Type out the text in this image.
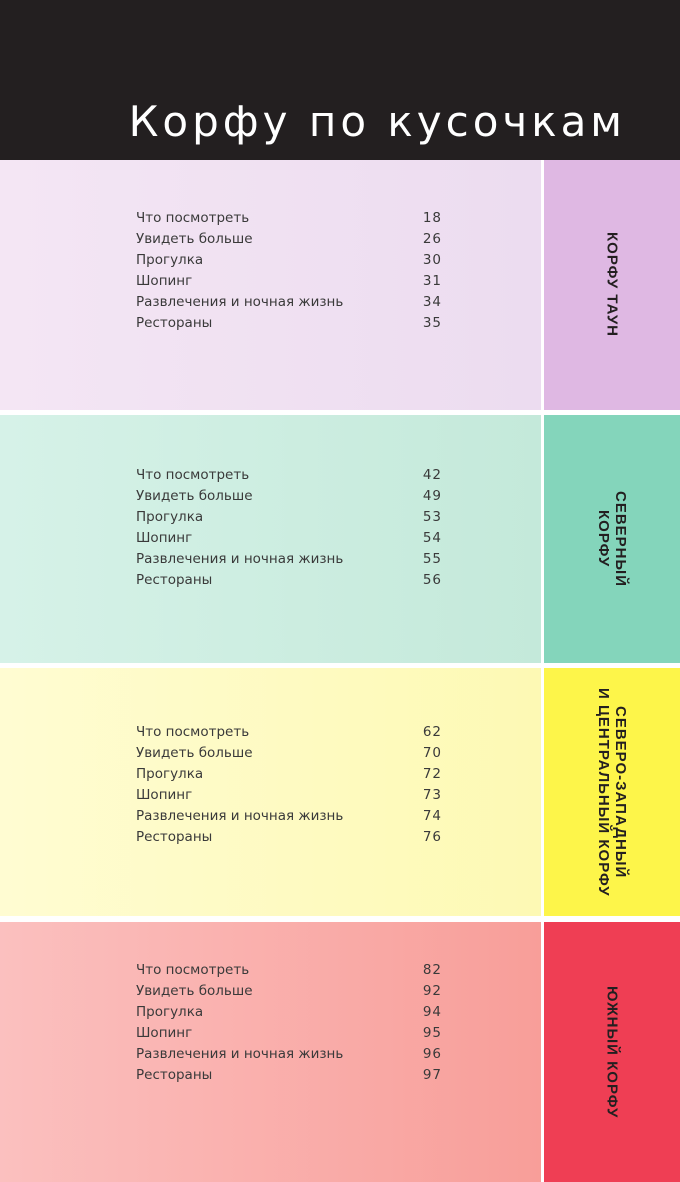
Корфу по кусочкам
Что посмотреть	18
Увидеть больше	26
Прогулка	30
Шопинг	31
Развлечения и ночная жизнь	34
Рестораны	35	КОРФУ ТАУН
Что посмотреть	42
Увидеть больше	49
Прогулка	53
Шопинг	54
Развлечения и ночная жизнь	55
Рестораны	56	СЕВЕРНЫЙ
КОРФУ
Что посмотреть	62
Увидеть больше	70
Прогулка	72
Шопинг	73
Развлечения и ночная жизнь	74
Рестораны	76	СЕВЕРО-ЗАПАДНЫЙ
И ЦЕНТРАЛЬНЫЙ КОРФУ
Что посмотреть	82
Увидеть больше	92
Прогулка	94
Шопинг	95
Развлечения и ночная жизнь	96
Рестораны	97	ЮЖНЫЙ КОРФУ
